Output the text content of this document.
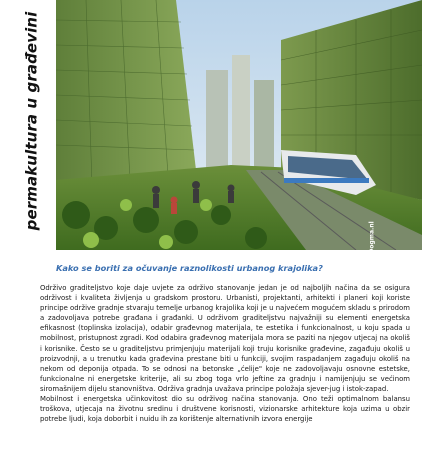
permakultura u građevini
Dogma.nl
Kako se boriti za očuvanje raznolikosti urbanog krajolika?

Održivo graditeljstvo koje daje uvjete za održivo stanovanje jedan je od najboljih načina da se osigura održivost i kvaliteta življenja u gradskom prostoru. Urbanisti, projektanti, arhitekti i planeri koji koriste principe održive gradnje stvaraju temelje urbanog krajolika koji je u najvećem mogućem skladu s prirodom a zadovoljava potrebe građana i građanki. U održivom graditeljstvu najvažniji su elementi energetska efikasnost (toplinska izolacija), odabir građevnog materijala, te estetika i funkcionalnost, u koju spada u mobilnost, pristupnost zgradi. Kod odabira građevnog materijala mora se paziti na njegov utjecaj na okoliš i korisnike. Često se u graditeljstvu primjenjuju materijali koji truju korisnike građevine, zagađuju okoliš u proizvodnji, a u trenutku kada građevina prestane biti u funkciji, svojim raspadanjem zagađuju okoliš na nekom od deponija otpada. To se odnosi na betonske „ćelije" koje ne zadovoljavaju osnovne estetske, funkcionalne ni energetske kriterije, ali su zbog toga vrlo jeftine za gradnju i namijenjuju se većinom siromašnijem dijelu stanovništva. Održiva gradnja uvažava principe položaja sjever-jug i istok-zapad.

Mobilnost i energetska učinkovitost dio su održivog načina stanovanja. Ono teži optimalnom balansu troškova, utjecaja na životnu sredinu i društvene korisnosti, vizionarske arhitekture koja uzima u obzir potrebe ljudi, koja doborbit i nuidu ih za korištenje alternativnih izvora energije
